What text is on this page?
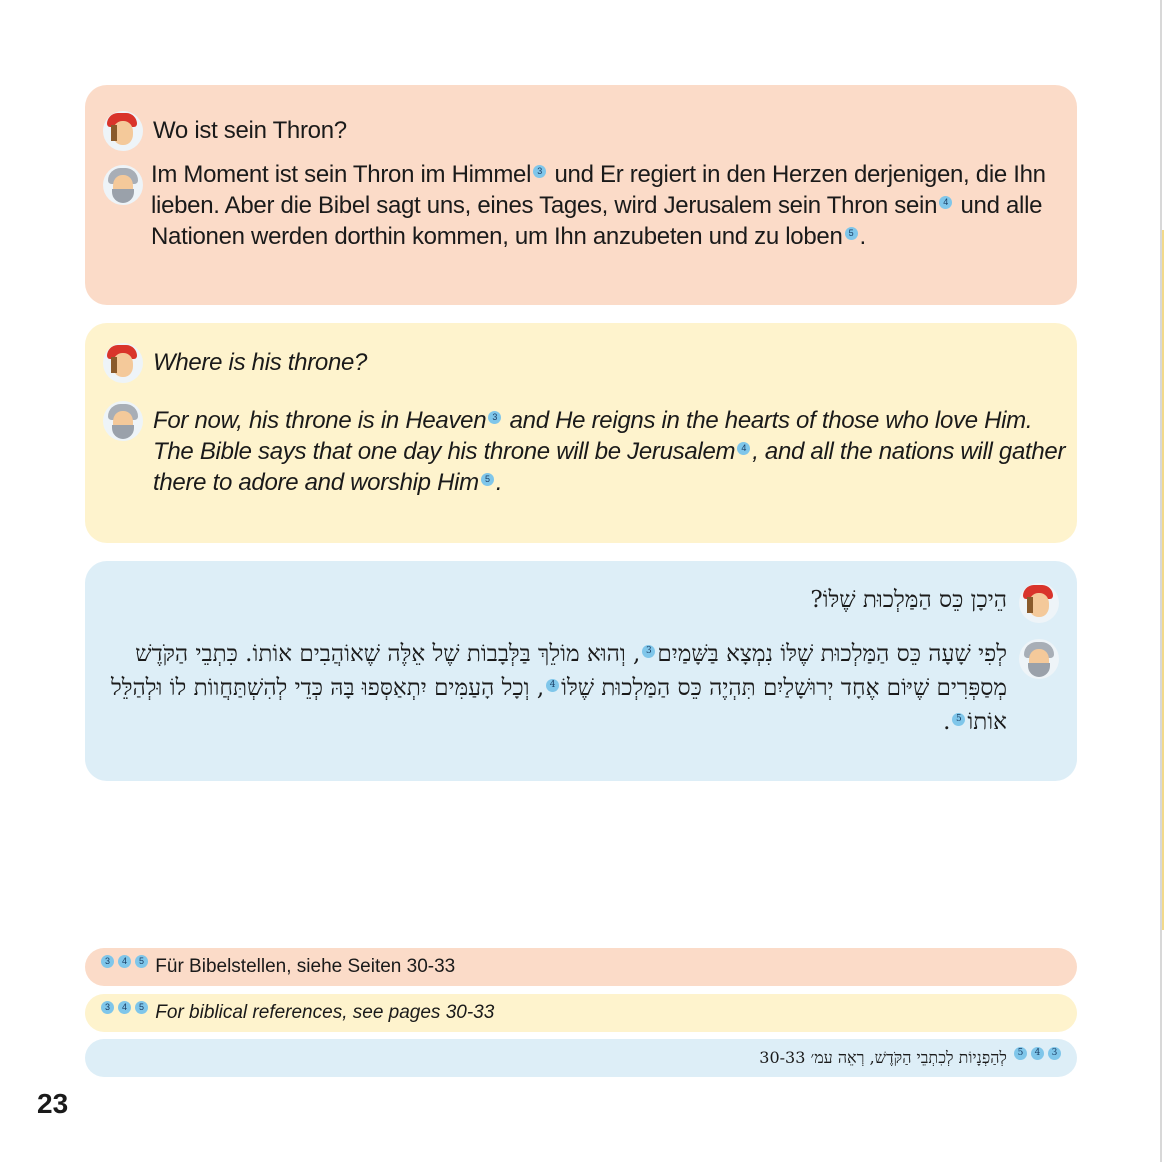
Wo ist sein Thron?
Im Moment ist sein Thron im Himmel 3 und Er regiert in den Herzen derjenigen, die Ihn lieben. Aber die Bibel sagt uns, eines Tages, wird Jerusalem sein Thron sein 4 und alle Nationen werden dorthin kommen, um Ihn anzubeten und zu loben 5 .
Where is his throne?
For now, his throne is in Heaven 3 and He reigns in the hearts of those who love Him. The Bible says that one day his throne will be Jerusalem 4 , and all the nations will gather there to adore and worship Him 5 .
הֵיכָן כֵּס הַמַּלְכוּת שֶׁלּוֹ?
לְפִי שָׁעָה כֵּס הַמַּלְכוּת שֶׁלּוֹ נִמְצָא בַּשָּׁמַיִם3, וְהוּא מוֹלֵךְ בַּלְּבָבוֹת שֶׁל אֵלֶּה שֶׁאוֹהֲבִים אוֹתוֹ. כִּתְבֵי הַקֹּדֶשׁ מְסַפְּרִים שֶׁיּוֹם אֶחָד יְרוּשָׁלַיִם תִּהְיֶה כֵּס הַמַּלְכוּת שֶׁלּוֹ4, וְכָל הָעַמִּים יִתְאַסְּפוּ בָּהּ כְּדֵי לְהִשְׁתַּחֲווֹת לוֹ וּלְהַלֵּל אוֹתוֹ5.
3 4 5 Für Bibelstellen, siehe Seiten 30-33
3 4 5 For biblical references, see pages 30-33
345 לְהַפְנָיוֹת לְכִתְבֵי הַקֹּדֶשׁ, רְאֵה עמ׳ 30-33
23
